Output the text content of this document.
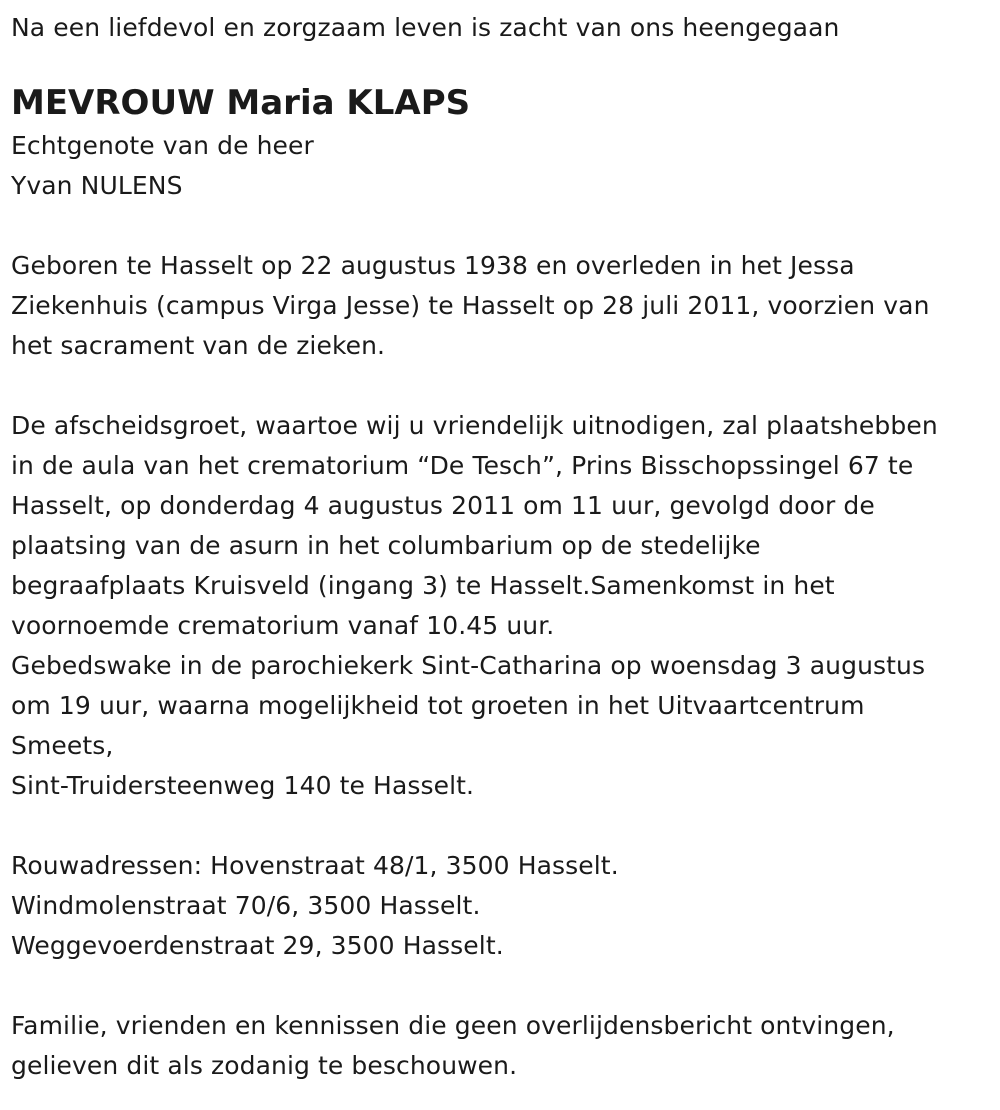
Na een liefdevol en zorgzaam leven is zacht van ons heengegaan
MEVROUW Maria KLAPS
Echtgenote van de heer
Yvan NULENS
Geboren te Hasselt op 22 augustus 1938 en overleden in het Jessa
Ziekenhuis (campus Virga Jesse) te Hasselt op 28 juli 2011, voorzien van
het sacrament van de zieken.
De afscheidsgroet, waartoe wij u vriendelijk uitnodigen, zal plaatshebben
in de aula van het crematorium “De Tesch”, Prins Bisschopssingel 67 te
Hasselt, op donderdag 4 augustus 2011 om 11 uur, gevolgd door de
plaatsing van de asurn in het columbarium op de stedelijke
begraafplaats Kruisveld (ingang 3) te Hasselt.Samenkomst in het
voornoemde crematorium vanaf 10.45 uur.
Gebedswake in de parochiekerk Sint-Catharina op woensdag 3 augustus
om 19 uur, waarna mogelijkheid tot groeten in het Uitvaartcentrum
Smeets,
Sint-Truidersteenweg 140 te Hasselt.
Rouwadressen: Hovenstraat 48/1, 3500 Hasselt.
Windmolenstraat 70/6, 3500 Hasselt.
Weggevoerdenstraat 29, 3500 Hasselt.
Familie, vrienden en kennissen die geen overlijdensbericht ontvingen,
gelieven dit als zodanig te beschouwen.
